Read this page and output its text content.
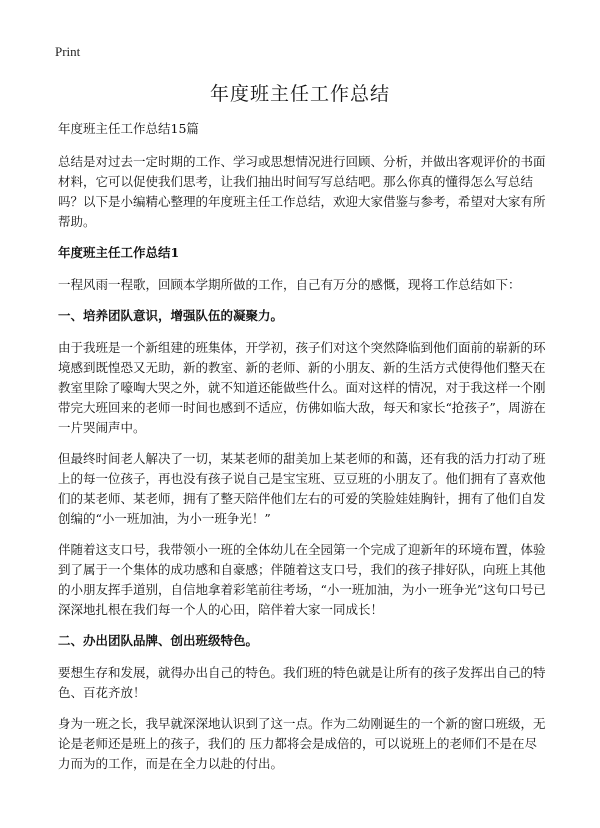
Print
年度班主任工作总结

年度班主任工作总结15篇

总结是对过去一定时期的工作、学习或思想情况进行回顾、分析，并做出客观评价的书面材料，它可以促使我们思考，让我们抽出时间写写总结吧。那么你真的懂得怎么写总结吗？以下是小编精心整理的年度班主任工作总结，欢迎大家借鉴与参考，希望对大家有所帮助。

年度班主任工作总结1

一程风雨一程歌，回顾本学期所做的工作，自己有万分的感慨，现将工作总结如下：

一、培养团队意识，增强队伍的凝聚力。

由于我班是一个新组建的班集体，开学初，孩子们对这个突然降临到他们面前的崭新的环境感到既惶恐又无助，新的教室、新的老师、新的小朋友、新的生活方式使得他们整天在教室里除了嚎啕大哭之外，就不知道还能做些什么。面对这样的情况，对于我这样一个刚带完大班回来的老师一时间也感到不适应，仿佛如临大敌，每天和家长“抢孩子”，周游在一片哭闹声中。

但最终时间老人解决了一切，某某老师的甜美加上某老师的和蔼，还有我的活力打动了班上的每一位孩子，再也没有孩子说自己是宝宝班、豆豆班的小朋友了。他们拥有了喜欢他们的某老师、某老师，拥有了整天陪伴他们左右的可爱的笑脸娃娃胸针，拥有了他们自发创编的“小一班加油，为小一班争光！”

伴随着这支口号，我带领小一班的全体幼儿在全园第一个完成了迎新年的环境布置，体验到了属于一个集体的成功感和自豪感；伴随着这支口号，我们的孩子排好队，向班上其他的小朋友挥手道别，自信地拿着彩笔前往考场，“小一班加油，为小一班争光”这句口号已深深地扎根在我们每一个人的心田，陪伴着大家一同成长！

二、办出团队品牌、创出班级特色。

要想生存和发展，就得办出自己的特色。我们班的特色就是让所有的孩子发挥出自己的特色、百花齐放！

身为一班之长，我早就深深地认识到了这一点。作为二幼刚诞生的一个新的窗口班级，无论是老师还是班上的孩子，我们的 压力都将会是成倍的，可以说班上的老师们不是在尽力而为的工作，而是在全力以赴的付出。
